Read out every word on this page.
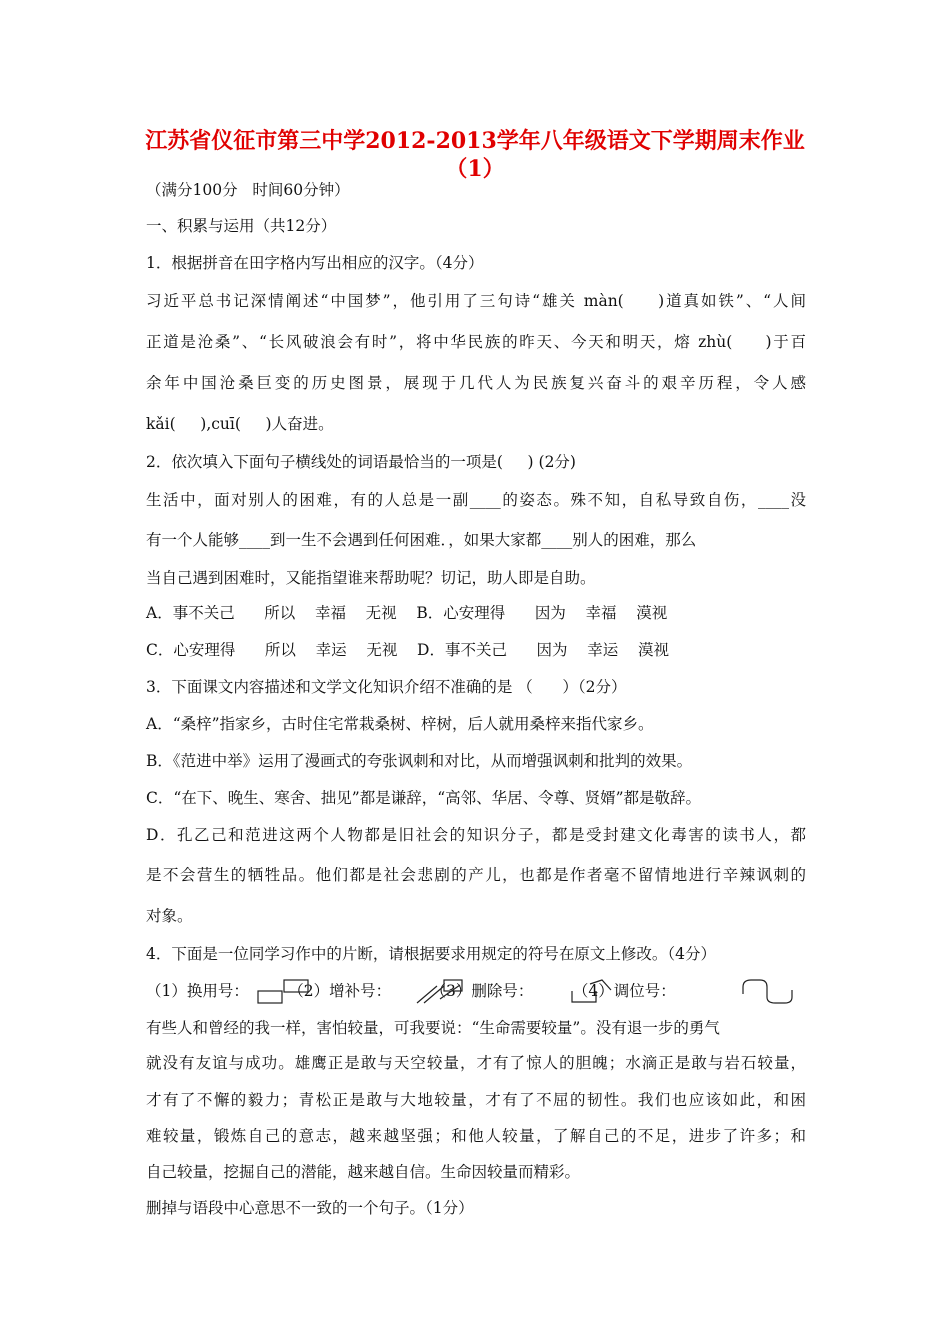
江苏省仪征市第三中学2012-2013学年八年级语文下学期周末作业
（1）
（满分100分   时间60分钟）
一、积累与运用（共12分）
1．根据拼音在田字格内写出相应的汉字。（4分）
习近平总书记深情阐述“中国梦”，他引用了三句诗“雄关 màn(     )道真如铁”、“人间
正道是沧桑”、“长风破浪会有时”，将中华民族的昨天、今天和明天，熔 zhù(     )于百
余年中国沧桑巨变的历史图景，展现于几代人为民族复兴奋斗的艰辛历程，令人感
kǎi(     ),cuī(     )人奋进。
2．依次填入下面句子横线处的词语最恰当的一项是(     ) (2分)
生活中，面对别人的困难，有的人总是一副____的姿态。殊不知，自私导致自伤，____没
有一个人能够____到一生不会遇到任何困难．，如果大家都____别人的困难，那么
当自己遇到困难时，又能指望谁来帮助呢？切记，助人即是自助。
A．事不关己      所以    幸福    无视    B．心安理得      因为    幸福    漠视
C．心安理得      所以    幸运    无视    D．事不关己      因为    幸运    漠视
3．下面课文内容描述和文学文化知识介绍不准确的是 （      ）（2分）
A．“桑梓”指家乡，古时住宅常栽桑树、梓树，后人就用桑梓来指代家乡。
B．《范进中举》运用了漫画式的夸张讽刺和对比，从而增强讽刺和批判的效果。
C．“在下、晚生、寒舍、拙见”都是谦辞，“高邻、华居、令尊、贤婿”都是敬辞。
D．孔乙己和范进这两个人物都是旧社会的知识分子，都是受封建文化毒害的读书人，都
是不会营生的牺牲品。他们都是社会悲剧的产儿，也都是作者毫不留情地进行辛辣讽刺的
对象。
4．下面是一位同学习作中的片断，请根据要求用规定的符号在原文上修改。（4分）
（1）换用号：        （2）增补号：        （3）删除号：        （4）调位号：
有些人和曾经的我一样，害怕较量，可我要说：“生命需要较量”。没有退一步的勇气
就没有友谊与成功。雄鹰正是敢与天空较量，才有了惊人的胆魄；水滴正是敢与岩石较量，
才有了不懈的毅力；青松正是敢与大地较量，才有了不屈的韧性。我们也应该如此，和困
难较量，锻炼自己的意志，越来越坚强；和他人较量，了解自己的不足，进步了许多；和
自己较量，挖掘自己的潜能，越来越自信。生命因较量而精彩。
删掉与语段中心意思不一致的一个句子。（1分）
